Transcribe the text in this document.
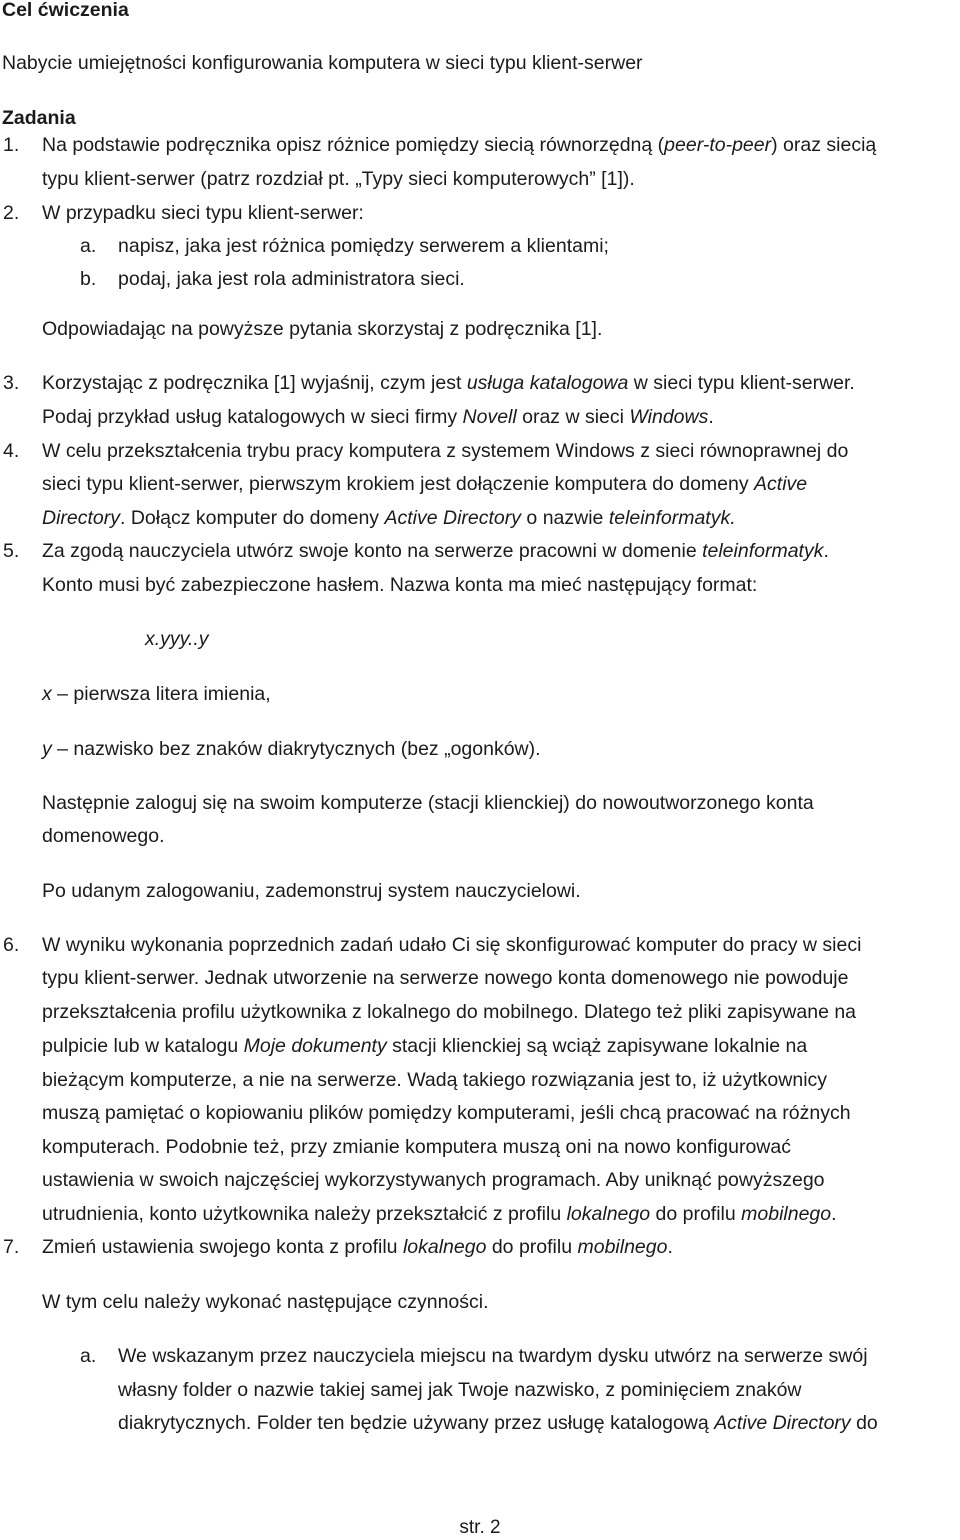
Cel ćwiczenia
Nabycie umiejętności konfigurowania komputera w sieci typu klient-serwer
Zadania
1. Na podstawie podręcznika opisz różnice pomiędzy siecią równorzędną (peer-to-peer) oraz siecią
typu klient-serwer (patrz rozdział pt. „Typy sieci komputerowych” [1]).
2. W przypadku sieci typu klient-serwer:
a. napisz, jaka jest różnica pomiędzy serwerem a klientami;
b. podaj, jaka jest rola administratora sieci.
Odpowiadając na powyższe pytania skorzystaj z podręcznika [1].
3. Korzystając z podręcznika [1] wyjaśnij, czym jest usługa katalogowa w sieci typu klient-serwer.
Podaj przykład usług katalogowych w sieci firmy Novell oraz w sieci Windows.
4. W celu przekształcenia trybu pracy komputera z systemem Windows z sieci równoprawnej do
sieci typu klient-serwer, pierwszym krokiem jest dołączenie komputera do domeny Active
Directory. Dołącz komputer do domeny Active Directory o nazwie teleinformatyk.
5. Za zgodą nauczyciela utwórz swoje konto na serwerze pracowni w domenie teleinformatyk.
Konto musi być zabezpieczone hasłem. Nazwa konta ma mieć następujący format:
x.yyy..y
x – pierwsza litera imienia,
y – nazwisko bez znaków diakrytycznych (bez „ogonków).
Następnie zaloguj się na swoim komputerze (stacji klienckiej) do nowoutworzonego konta
domenowego.
Po udanym zalogowaniu, zademonstruj system nauczycielowi.
6. W wyniku wykonania poprzednich zadań udało Ci się skonfigurować komputer do pracy w sieci
typu klient-serwer. Jednak utworzenie na serwerze nowego konta domenowego nie powoduje
przekształcenia profilu użytkownika z lokalnego do mobilnego. Dlatego też pliki zapisywane na
pulpicie lub w katalogu Moje dokumenty stacji klienckiej są wciąż zapisywane lokalnie na
bieżącym komputerze, a nie na serwerze. Wadą takiego rozwiązania jest to, iż użytkownicy
muszą pamiętać o kopiowaniu plików pomiędzy komputerami, jeśli chcą pracować na różnych
komputerach. Podobnie też, przy zmianie komputera muszą oni na nowo konfigurować
ustawienia w swoich najczęściej wykorzystywanych programach. Aby uniknąć powyższego
utrudnienia, konto użytkownika należy przekształcić z profilu lokalnego do profilu mobilnego.
7. Zmień ustawienia swojego konta z profilu lokalnego do profilu mobilnego.
W tym celu należy wykonać następujące czynności.
a. We wskazanym przez nauczyciela miejscu na twardym dysku utwórz na serwerze swój
własny folder o nazwie takiej samej jak Twoje nazwisko, z pominięciem znaków
diakrytycznych. Folder ten będzie używany przez usługę katalogową Active Directory do
str. 2
